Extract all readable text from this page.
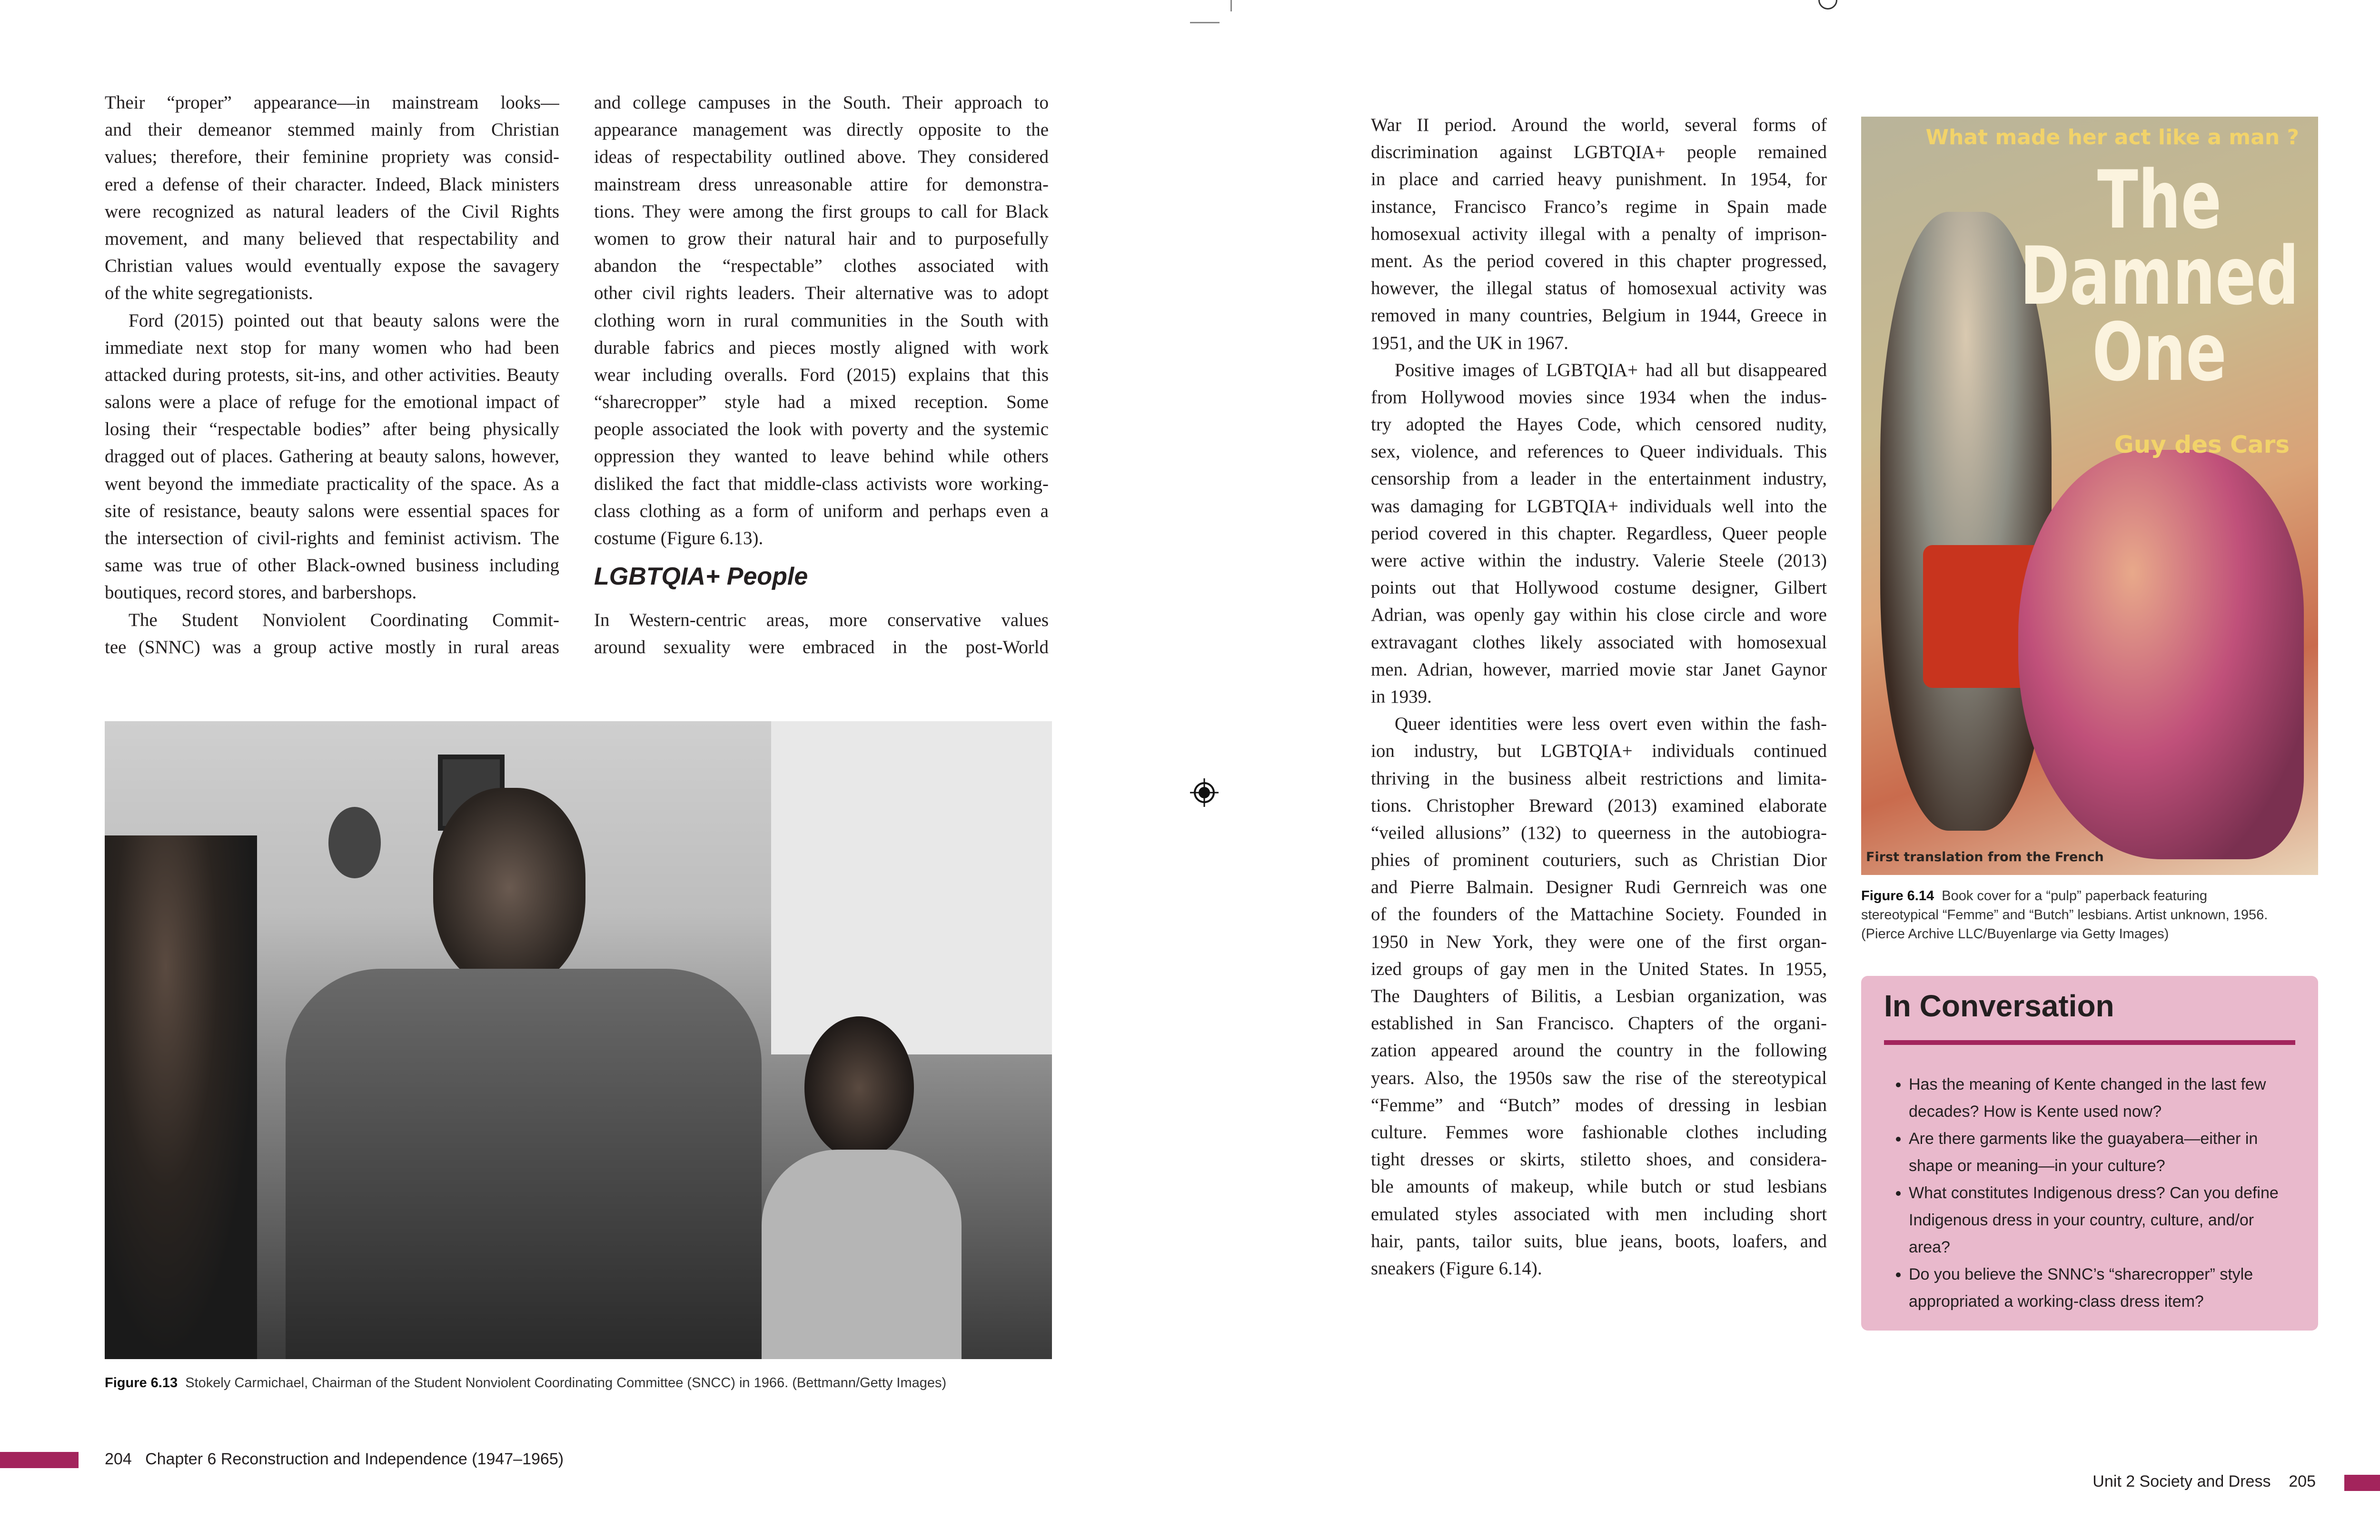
Their “proper” appearance—in mainstream looks—
and their demeanor stemmed mainly from Christian
values; therefore, their feminine propriety was consid-
ered a defense of their character. Indeed, Black ministers
were recognized as natural leaders of the Civil Rights
movement, and many believed that respectability and
Christian values would eventually expose the savagery
of the white segregationists.
Ford (2015) pointed out that beauty salons were the
immediate next stop for many women who had been
attacked during protests, sit-ins, and other activities. Beauty
salons were a place of refuge for the emotional impact of
losing their “respectable bodies” after being physically
dragged out of places. Gathering at beauty salons, however,
went beyond the immediate practicality of the space. As a
site of resistance, beauty salons were essential spaces for
the intersection of civil-rights and feminist activism. The
same was true of other Black-owned business including
boutiques, record stores, and barbershops.
The Student Nonviolent Coordinating Commit-
tee (SNNC) was a group active mostly in rural areas
and college campuses in the South. Their approach to
appearance management was directly opposite to the
ideas of respectability outlined above. They considered
mainstream dress unreasonable attire for demonstra-
tions. They were among the first groups to call for Black
women to grow their natural hair and to purposefully
abandon the “respectable” clothes associated with
other civil rights leaders. Their alternative was to adopt
clothing worn in rural communities in the South with
durable fabrics and pieces mostly aligned with work
wear including overalls. Ford (2015) explains that this
“sharecropper” style had a mixed reception. Some
people associated the look with poverty and the systemic
oppression they wanted to leave behind while others
disliked the fact that middle-class activists wore working-
class clothing as a form of uniform and perhaps even a
costume (Figure 6.13).
LGBTQIA+ People
In Western-centric areas, more conservative values
around sexuality were embraced in the post-World
Figure 6.13 Stokely Carmichael, Chairman of the Student Nonviolent Coordinating Committee (SNCC) in 1966. (Bettmann/Getty Images)
204 Chapter 6 Reconstruction and Independence (1947–1965)
War II period. Around the world, several forms of
discrimination against LGBTQIA+ people remained
in place and carried heavy punishment. In 1954, for
instance, Francisco Franco’s regime in Spain made
homosexual activity illegal with a penalty of imprison-
ment. As the period covered in this chapter progressed,
however, the illegal status of homosexual activity was
removed in many countries, Belgium in 1944, Greece in
1951, and the UK in 1967.
Positive images of LGBTQIA+ had all but disappeared
from Hollywood movies since 1934 when the indus-
try adopted the Hayes Code, which censored nudity,
sex, violence, and references to Queer individuals. This
censorship from a leader in the entertainment industry,
was damaging for LGBTQIA+ individuals well into the
period covered in this chapter. Regardless, Queer people
were active within the industry. Valerie Steele (2013)
points out that Hollywood costume designer, Gilbert
Adrian, was openly gay within his close circle and wore
extravagant clothes likely associated with homosexual
men. Adrian, however, married movie star Janet Gaynor
in 1939.
Queer identities were less overt even within the fash-
ion industry, but LGBTQIA+ individuals continued
thriving in the business albeit restrictions and limita-
tions. Christopher Breward (2013) examined elaborate
“veiled allusions” (132) to queerness in the autobiogra-
phies of prominent couturiers, such as Christian Dior
and Pierre Balmain. Designer Rudi Gernreich was one
of the founders of the Mattachine Society. Founded in
1950 in New York, they were one of the first organ-
ized groups of gay men in the United States. In 1955,
The Daughters of Bilitis, a Lesbian organization, was
established in San Francisco. Chapters of the organi-
zation appeared around the country in the following
years. Also, the 1950s saw the rise of the stereotypical
“Femme” and “Butch” modes of dressing in lesbian
culture. Femmes wore fashionable clothes including
tight dresses or skirts, stiletto shoes, and considera-
ble amounts of makeup, while butch or stud lesbians
emulated styles associated with men including short
hair, pants, tailor suits, blue jeans, boots, loafers, and
sneakers (Figure 6.14).
What made her act like a man ?
The
Damned
One
Guy des Cars
First translation from the French
Figure 6.14 Book cover for a “pulp” paperback featuring
stereotypical “Femme” and “Butch” lesbians. Artist unknown, 1956.
(Pierce Archive LLC/Buyenlarge via Getty Images)
In Conversation
• Has the meaning of Kente changed in the last few decades? How is Kente used now?
• Are there garments like the guayabera—either in shape or meaning—in your culture?
• What constitutes Indigenous dress? Can you define Indigenous dress in your country, culture, and/or area?
• Do you believe the SNNC’s “sharecropper” style appropriated a working-class dress item?
Unit 2 Society and Dress 205
